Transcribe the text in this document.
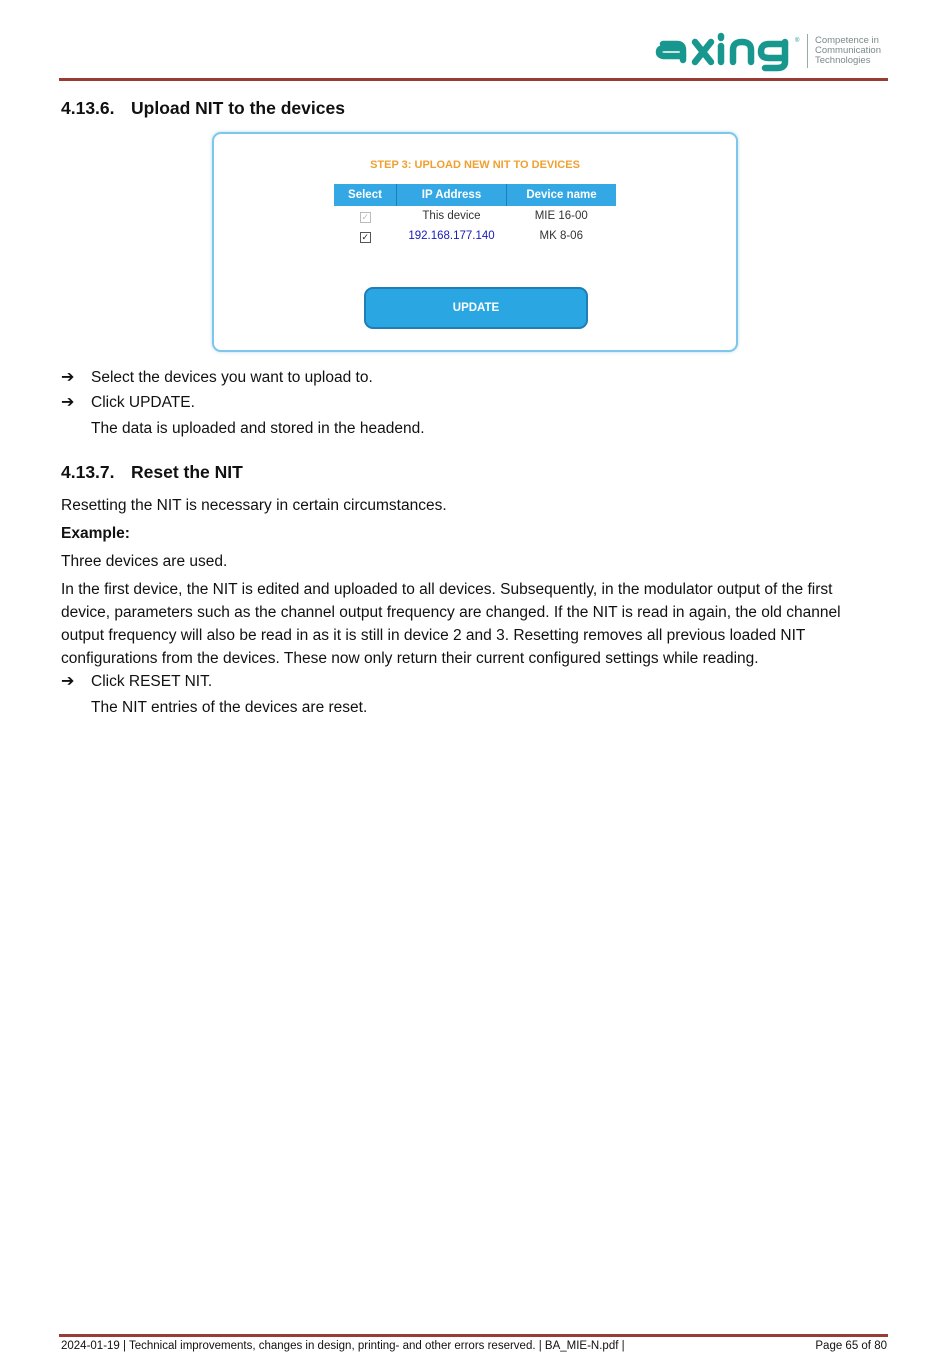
® Competence in
Communication
Technologies
4.13.6. Upload NIT to the devices
STEP 3: UPLOAD NEW NIT TO DEVICES
Select	IP Address	Device name
✓	This device	MIE 16-00
✓	192.168.177.140	MK 8-06
UPDATE
➔	Select the devices you want to upload to.
➔	Click UPDATE.
The data is uploaded and stored in the headend.
4.13.7. Reset the NIT

Resetting the NIT is necessary in certain circumstances.

Example:

Three devices are used.

In the first device, the NIT is edited and uploaded to all devices. Subsequently, in the modulator output of the first device, parameters such as the channel output frequency are changed. If the NIT is read in again, the old channel output frequency will also be read in as it is still in device 2 and 3. Resetting removes all previous loaded NIT configurations from the devices. These now only return their current configured settings while reading.

➔	Click RESET NIT.
The NIT entries of the devices are reset.
2024-01-19 | Technical improvements, changes in design, printing- and other errors reserved. | BA_MIE-N.pdf |	Page 65 of 80
